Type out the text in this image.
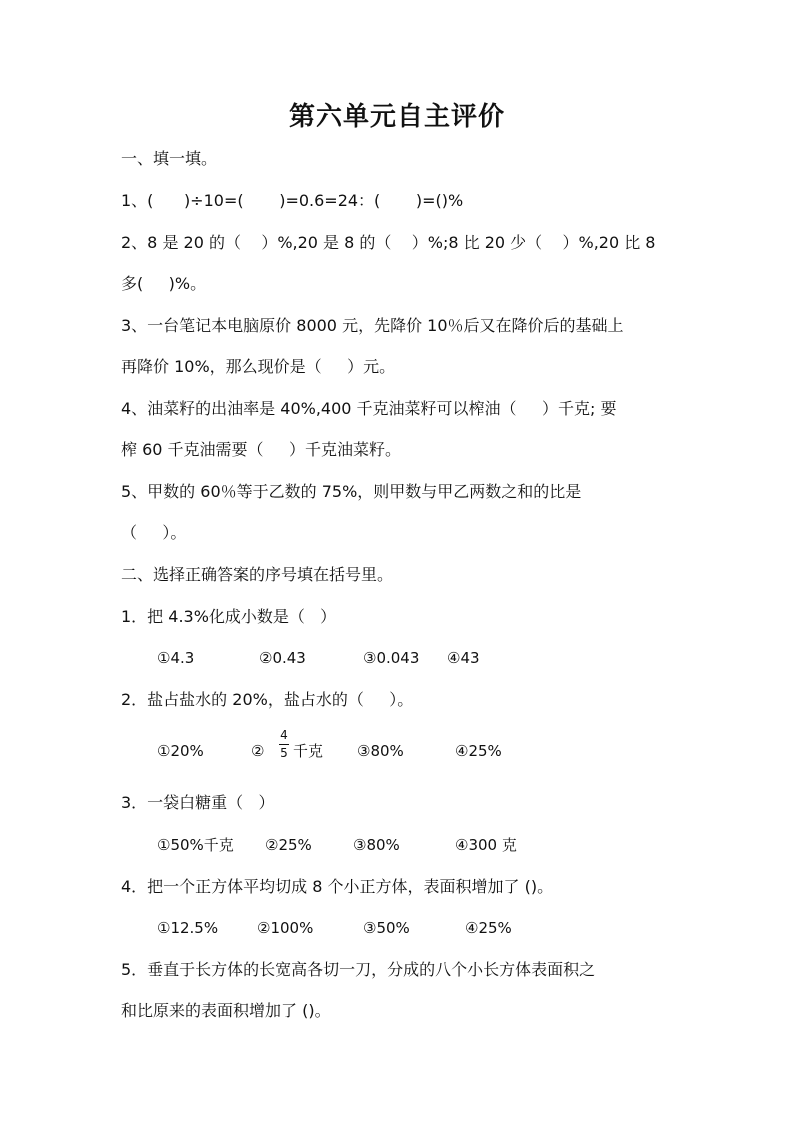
第六单元自主评价
一、填一填。
1、(      )÷10=(       )=0.6=24：(       )=()%
2、8 是 20 的（    ）%,20 是 8 的（    ）%;8 比 20 少（    ）%,20 比 8
多(     )%。
3、一台笔记本电脑原价 8000 元，先降价 10％后又在降价后的基础上
再降价 10%，那么现价是（     ）元。
4、油菜籽的出油率是 40%,400 千克油菜籽可以榨油（     ）千克; 要
榨 60 千克油需要（     ）千克油菜籽。
5、甲数的 60％等于乙数的 75%，则甲数与甲乙两数之和的比是
（     ）。
二、选择正确答案的序号填在括号里。
1．把 4.3%化成小数是（   ）
①4.3	②0.43	③0.043 ④43
2．盐占盐水的 20%，盐占水的（     ）。
①20%	②
4
5 千克 ③80%	④25%
3．一袋白糖重（   ）
①50%千克 ②25%	③80%	④300 克
4．把一个正方体平均切成 8 个小正方体，表面积增加了 ()。
①12.5%	②100%	③50%	④25%
5．垂直于长方体的长宽高各切一刀，分成的八个小长方体表面积之
和比原来的表面积增加了 ()。
